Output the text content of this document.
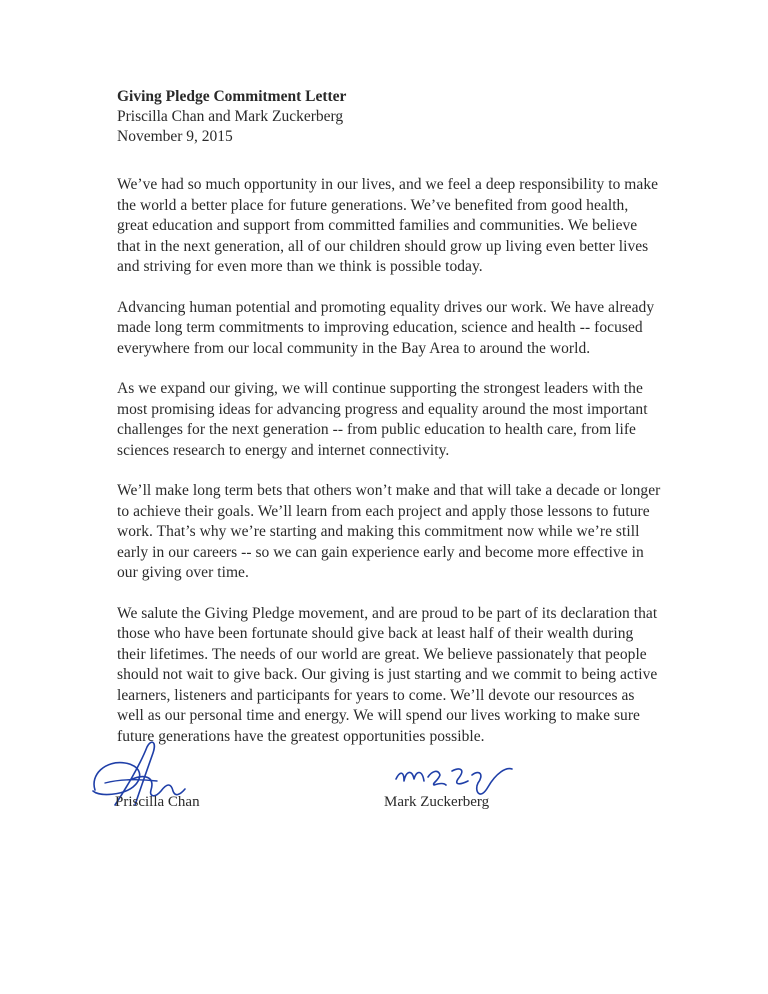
Giving Pledge Commitment Letter
Priscilla Chan and Mark Zuckerberg
November 9, 2015

We’ve had so much opportunity in our lives, and we feel a deep responsibility to make the world a better place for future generations. We’ve benefited from good health, great education and support from committed families and communities. We believe that in the next generation, all of our children should grow up living even better lives and striving for even more than we think is possible today.

Advancing human potential and promoting equality drives our work. We have already made long term commitments to improving education, science and health -- focused everywhere from our local community in the Bay Area to around the world.

As we expand our giving, we will continue supporting the strongest leaders with the most promising ideas for advancing progress and equality around the most important challenges for the next generation -- from public education to health care, from life sciences research to energy and internet connectivity.

We’ll make long term bets that others won’t make and that will take a decade or longer to achieve their goals. We’ll learn from each project and apply those lessons to future work. That’s why we’re starting and making this commitment now while we’re still early in our careers -- so we can gain experience early and become more effective in our giving over time.

We salute the Giving Pledge movement, and are proud to be part of its declaration that those who have been fortunate should give back at least half of their wealth during their lifetimes. The needs of our world are great. We believe passionately that people should not wait to give back. Our giving is just starting and we commit to being active learners, listeners and participants for years to come. We’ll devote our resources as well as our personal time and energy. We will spend our lives working to make sure future generations have the greatest opportunities possible.

Priscilla Chan	Mark Zuckerberg
